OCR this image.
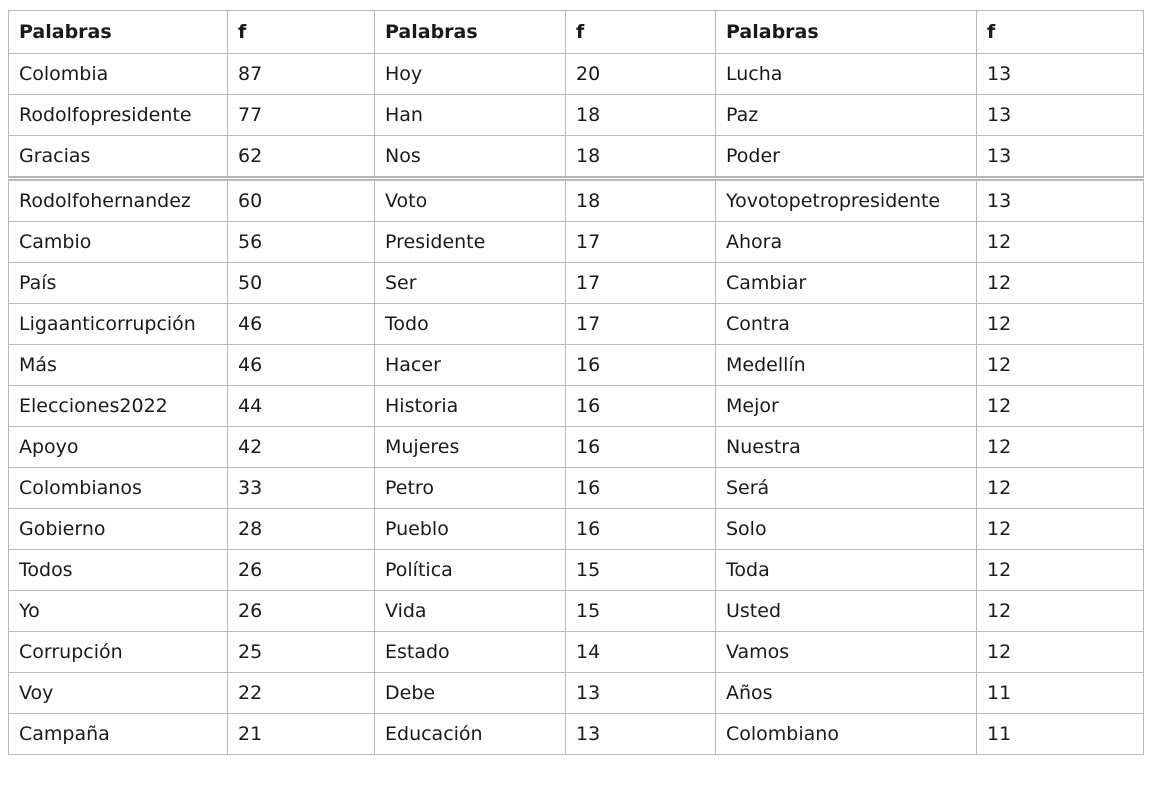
Palabras	f	Palabras	f	Palabras	f
Colombia	87	Hoy	20	Lucha	13
Rodolfopresidente	77	Han	18	Paz	13
Gracias	62	Nos	18	Poder	13
Rodolfohernandez	60	Voto	18	Yovotopetropresidente	13
Cambio	56	Presidente	17	Ahora	12
País	50	Ser	17	Cambiar	12
Ligaanticorrupción	46	Todo	17	Contra	12
Más	46	Hacer	16	Medellín	12
Elecciones2022	44	Historia	16	Mejor	12
Apoyo	42	Mujeres	16	Nuestra	12
Colombianos	33	Petro	16	Será	12
Gobierno	28	Pueblo	16	Solo	12
Todos	26	Política	15	Toda	12
Yo	26	Vida	15	Usted	12
Corrupción	25	Estado	14	Vamos	12
Voy	22	Debe	13	Años	11
Campaña	21	Educación	13	Colombiano	11
